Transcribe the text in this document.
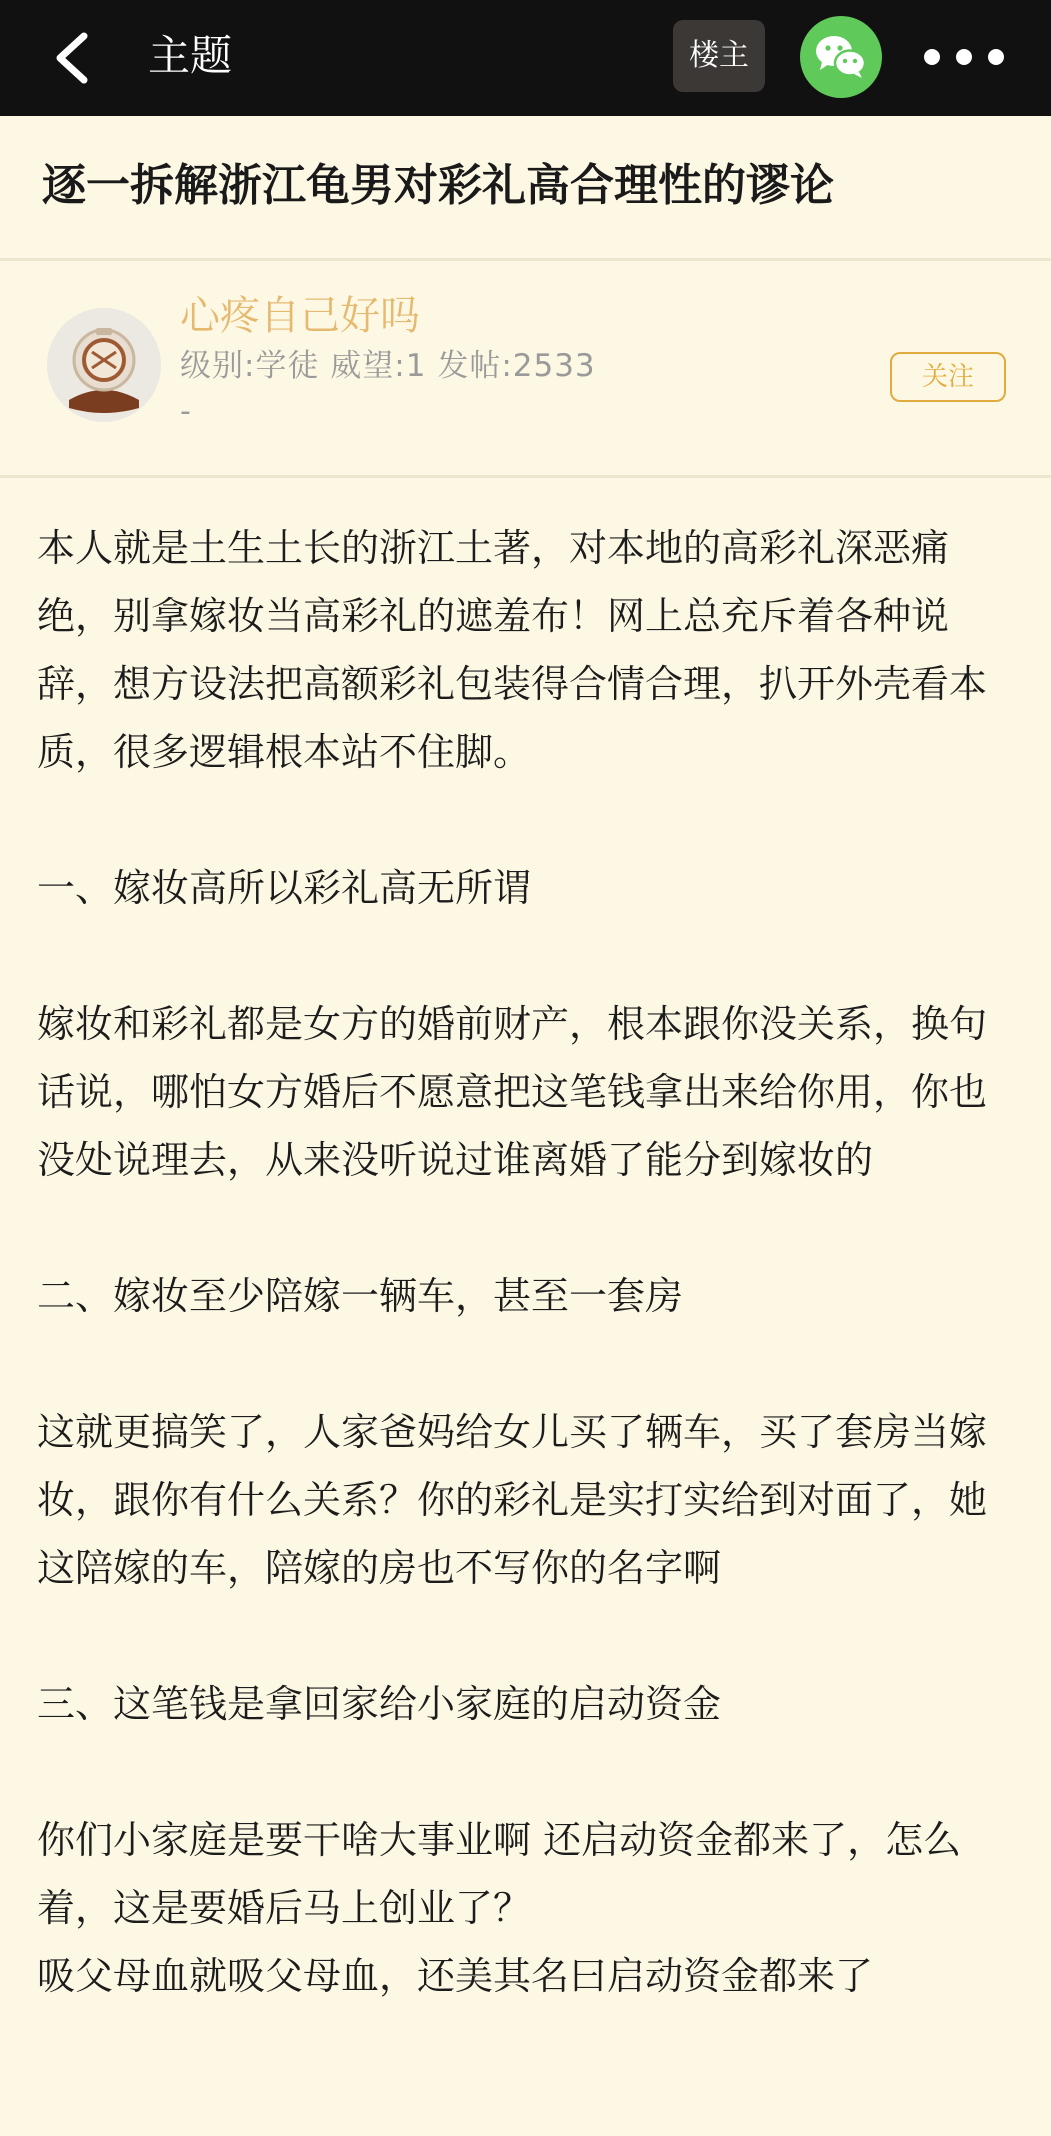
主题	楼主
逐一拆解浙江龟男对彩礼高合理性的谬论
心疼自己好吗
级别:学徒 威望:1 发帖:2533
-
关注

本人就是土生土长的浙江土著，对本地的高彩礼深恶痛绝，别拿嫁妆当高彩礼的遮羞布！网上总充斥着各种说辞，想方设法把高额彩礼包装得合情合理，扒开外壳看本质，很多逻辑根本站不住脚。

一、嫁妆高所以彩礼高无所谓

嫁妆和彩礼都是女方的婚前财产，根本跟你没关系，换句话说，哪怕女方婚后不愿意把这笔钱拿出来给你用，你也没处说理去，从来没听说过谁离婚了能分到嫁妆的

二、嫁妆至少陪嫁一辆车，甚至一套房

这就更搞笑了，人家爸妈给女儿买了辆车，买了套房当嫁妆，跟你有什么关系？你的彩礼是实打实给到对面了，她这陪嫁的车，陪嫁的房也不写你的名字啊

三、这笔钱是拿回家给小家庭的启动资金

你们小家庭是要干啥大事业啊 还启动资金都来了，怎么着，这是要婚后马上创业了？

吸父母血就吸父母血，还美其名曰启动资金都来了
